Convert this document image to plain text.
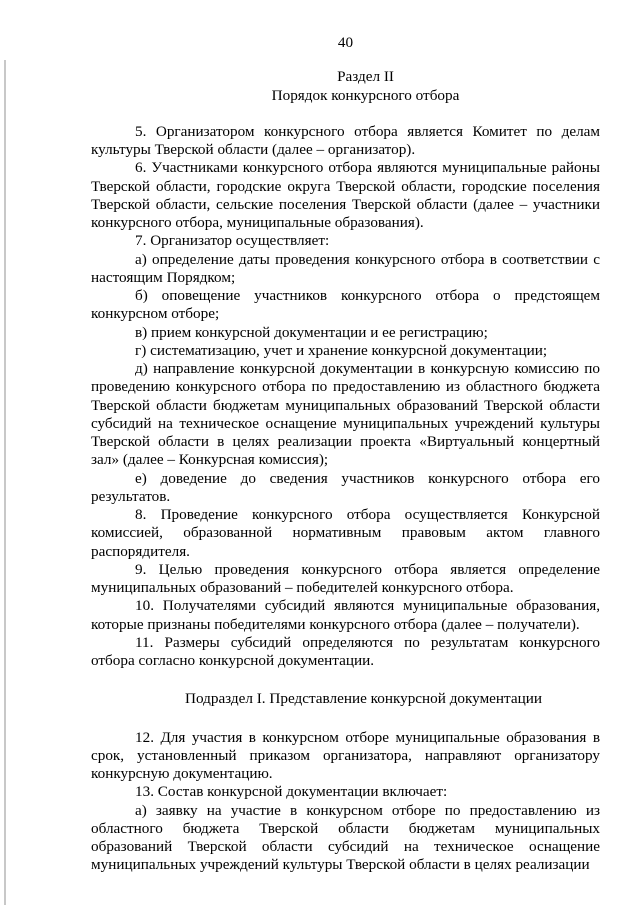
40
Раздел II
Порядок конкурсного отбора

5. Организатором конкурсного отбора является Комитет по делам культуры Тверской области (далее – организатор).

6. Участниками конкурсного отбора являются муниципальные районы Тверской области, городские округа Тверской области, городские поселения Тверской области, сельские поселения Тверской области (далее – участники конкурсного отбора, муниципальные образования).

7. Организатор осуществляет:

а) определение даты проведения конкурсного отбора в соответствии с настоящим Порядком;

б) оповещение участников конкурсного отбора о предстоящем конкурсном отборе;

в) прием конкурсной документации и ее регистрацию;

г) систематизацию, учет и хранение конкурсной документации;

д) направление конкурсной документации в конкурсную комиссию по проведению конкурсного отбора по предоставлению из областного бюджета Тверской области бюджетам муниципальных образований Тверской области субсидий на техническое оснащение муниципальных учреждений культуры Тверской области в целях реализации проекта «Виртуальный концертный зал» (далее – Конкурсная комиссия);

е) доведение до сведения участников конкурсного отбора его результатов.

8. Проведение конкурсного отбора осуществляется Конкурсной комиссией, образованной нормативным правовым актом главного распорядителя.

9. Целью проведения конкурсного отбора является определение муниципальных образований – победителей конкурсного отбора.

10. Получателями субсидий являются муниципальные образования, которые признаны победителями конкурсного отбора (далее – получатели).

11. Размеры субсидий определяются по результатам конкурсного отбора согласно конкурсной документации.

Подраздел I. Представление конкурсной документации

12. Для участия в конкурсном отборе муниципальные образования в срок, установленный приказом организатора, направляют организатору конкурсную документацию.

13. Состав конкурсной документации включает:

а) заявку на участие в конкурсном отборе по предоставлению из областного бюджета Тверской области бюджетам муниципальных образований Тверской области субсидий на техническое оснащение муниципальных учреждений культуры Тверской области в целях реализации
